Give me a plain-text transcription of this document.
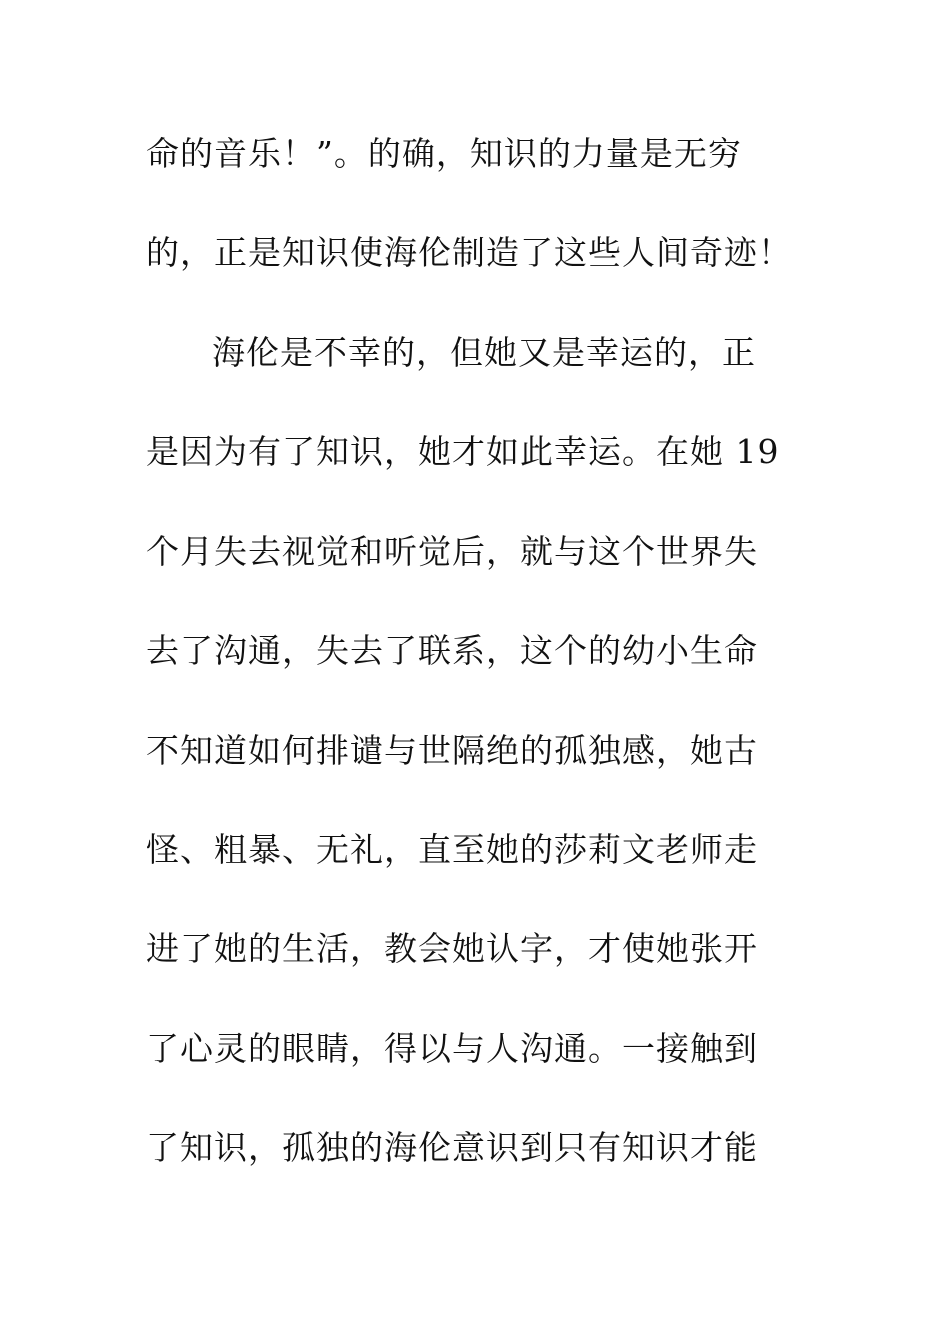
命的音乐！”。的确，知识的力量是无穷
的，正是知识使海伦制造了这些人间奇迹！
海伦是不幸的，但她又是幸运的，正
是因为有了知识，她才如此幸运。在她 19
个月失去视觉和听觉后，就与这个世界失
去了沟通，失去了联系，这个的幼小生命
不知道如何排谴与世隔绝的孤独感，她古
怪、粗暴、无礼，直至她的莎莉文老师走
进了她的生活，教会她认字，才使她张开
了心灵的眼睛，得以与人沟通。一接触到
了知识，孤独的海伦意识到只有知识才能
